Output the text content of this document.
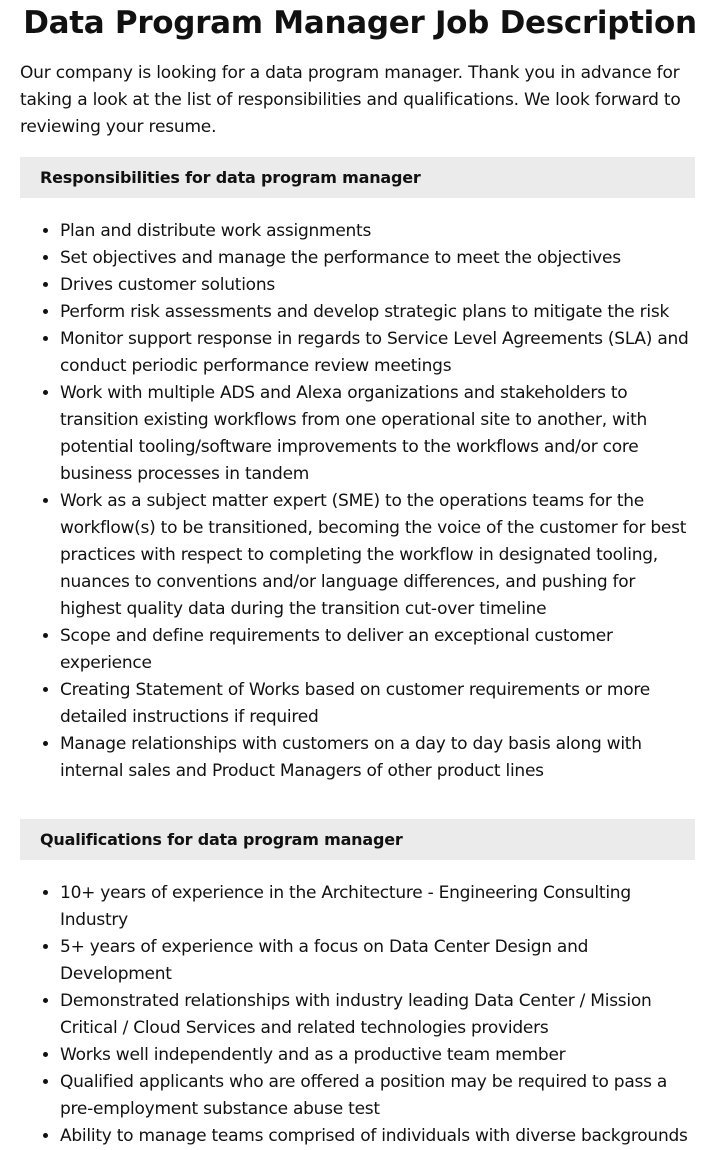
Data Program Manager Job Description

Our company is looking for a data program manager. Thank you in advance for taking a look at the list of responsibilities and qualifications. We look forward to reviewing your resume.

Responsibilities for data program manager
• Plan and distribute work assignments
• Set objectives and manage the performance to meet the objectives
• Drives customer solutions
• Perform risk assessments and develop strategic plans to mitigate the risk
• Monitor support response in regards to Service Level Agreements (SLA) and conduct periodic performance review meetings
• Work with multiple ADS and Alexa organizations and stakeholders to transition existing workflows from one operational site to another, with potential tooling/software improvements to the workflows and/or core business processes in tandem
• Work as a subject matter expert (SME) to the operations teams for the workflow(s) to be transitioned, becoming the voice of the customer for best practices with respect to completing the workflow in designated tooling, nuances to conventions and/or language differences, and pushing for highest quality data during the transition cut-over timeline
• Scope and define requirements to deliver an exceptional customer experience
• Creating Statement of Works based on customer requirements or more detailed instructions if required
• Manage relationships with customers on a day to day basis along with internal sales and Product Managers of other product lines
Qualifications for data program manager
• 10+ years of experience in the Architecture - Engineering Consulting Industry
• 5+ years of experience with a focus on Data Center Design and Development
• Demonstrated relationships with industry leading Data Center / Mission Critical / Cloud Services and related technologies providers
• Works well independently and as a productive team member
• Qualified applicants who are offered a position may be required to pass a pre-employment substance abuse test
• Ability to manage teams comprised of individuals with diverse backgrounds
